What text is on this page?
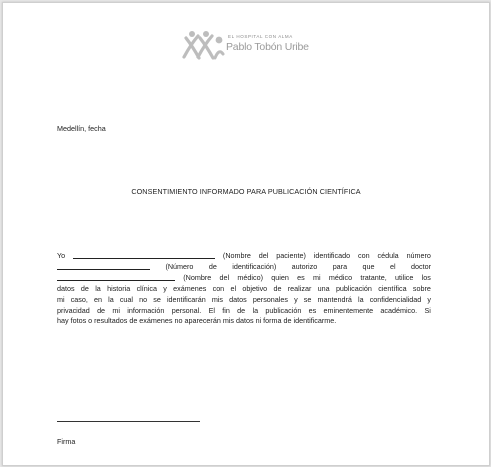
EL HOSPITAL CON ALMA
Pablo Tobón Uribe
Medellín, fecha
CONSENTIMIENTO INFORMADO PARA PUBLICACIÓN CIENTÍFICA
Yo	(Nombre del paciente) identificado con cédula número
(Número de identificación) autorizo para que el doctor
(Nombre del médico) quien es mi médico tratante, utilice los
datos de la historia clínica y exámenes con el objetivo de realizar una publicación científica sobre
mi caso, en la cual no se identificarán mis datos personales y se mantendrá la confidencialidad y
privacidad de mi información personal. El fin de la publicación es eminentemente académico. Si
hay fotos o resultados de exámenes no aparecerán mis datos ni forma de identificarme.
Firma
